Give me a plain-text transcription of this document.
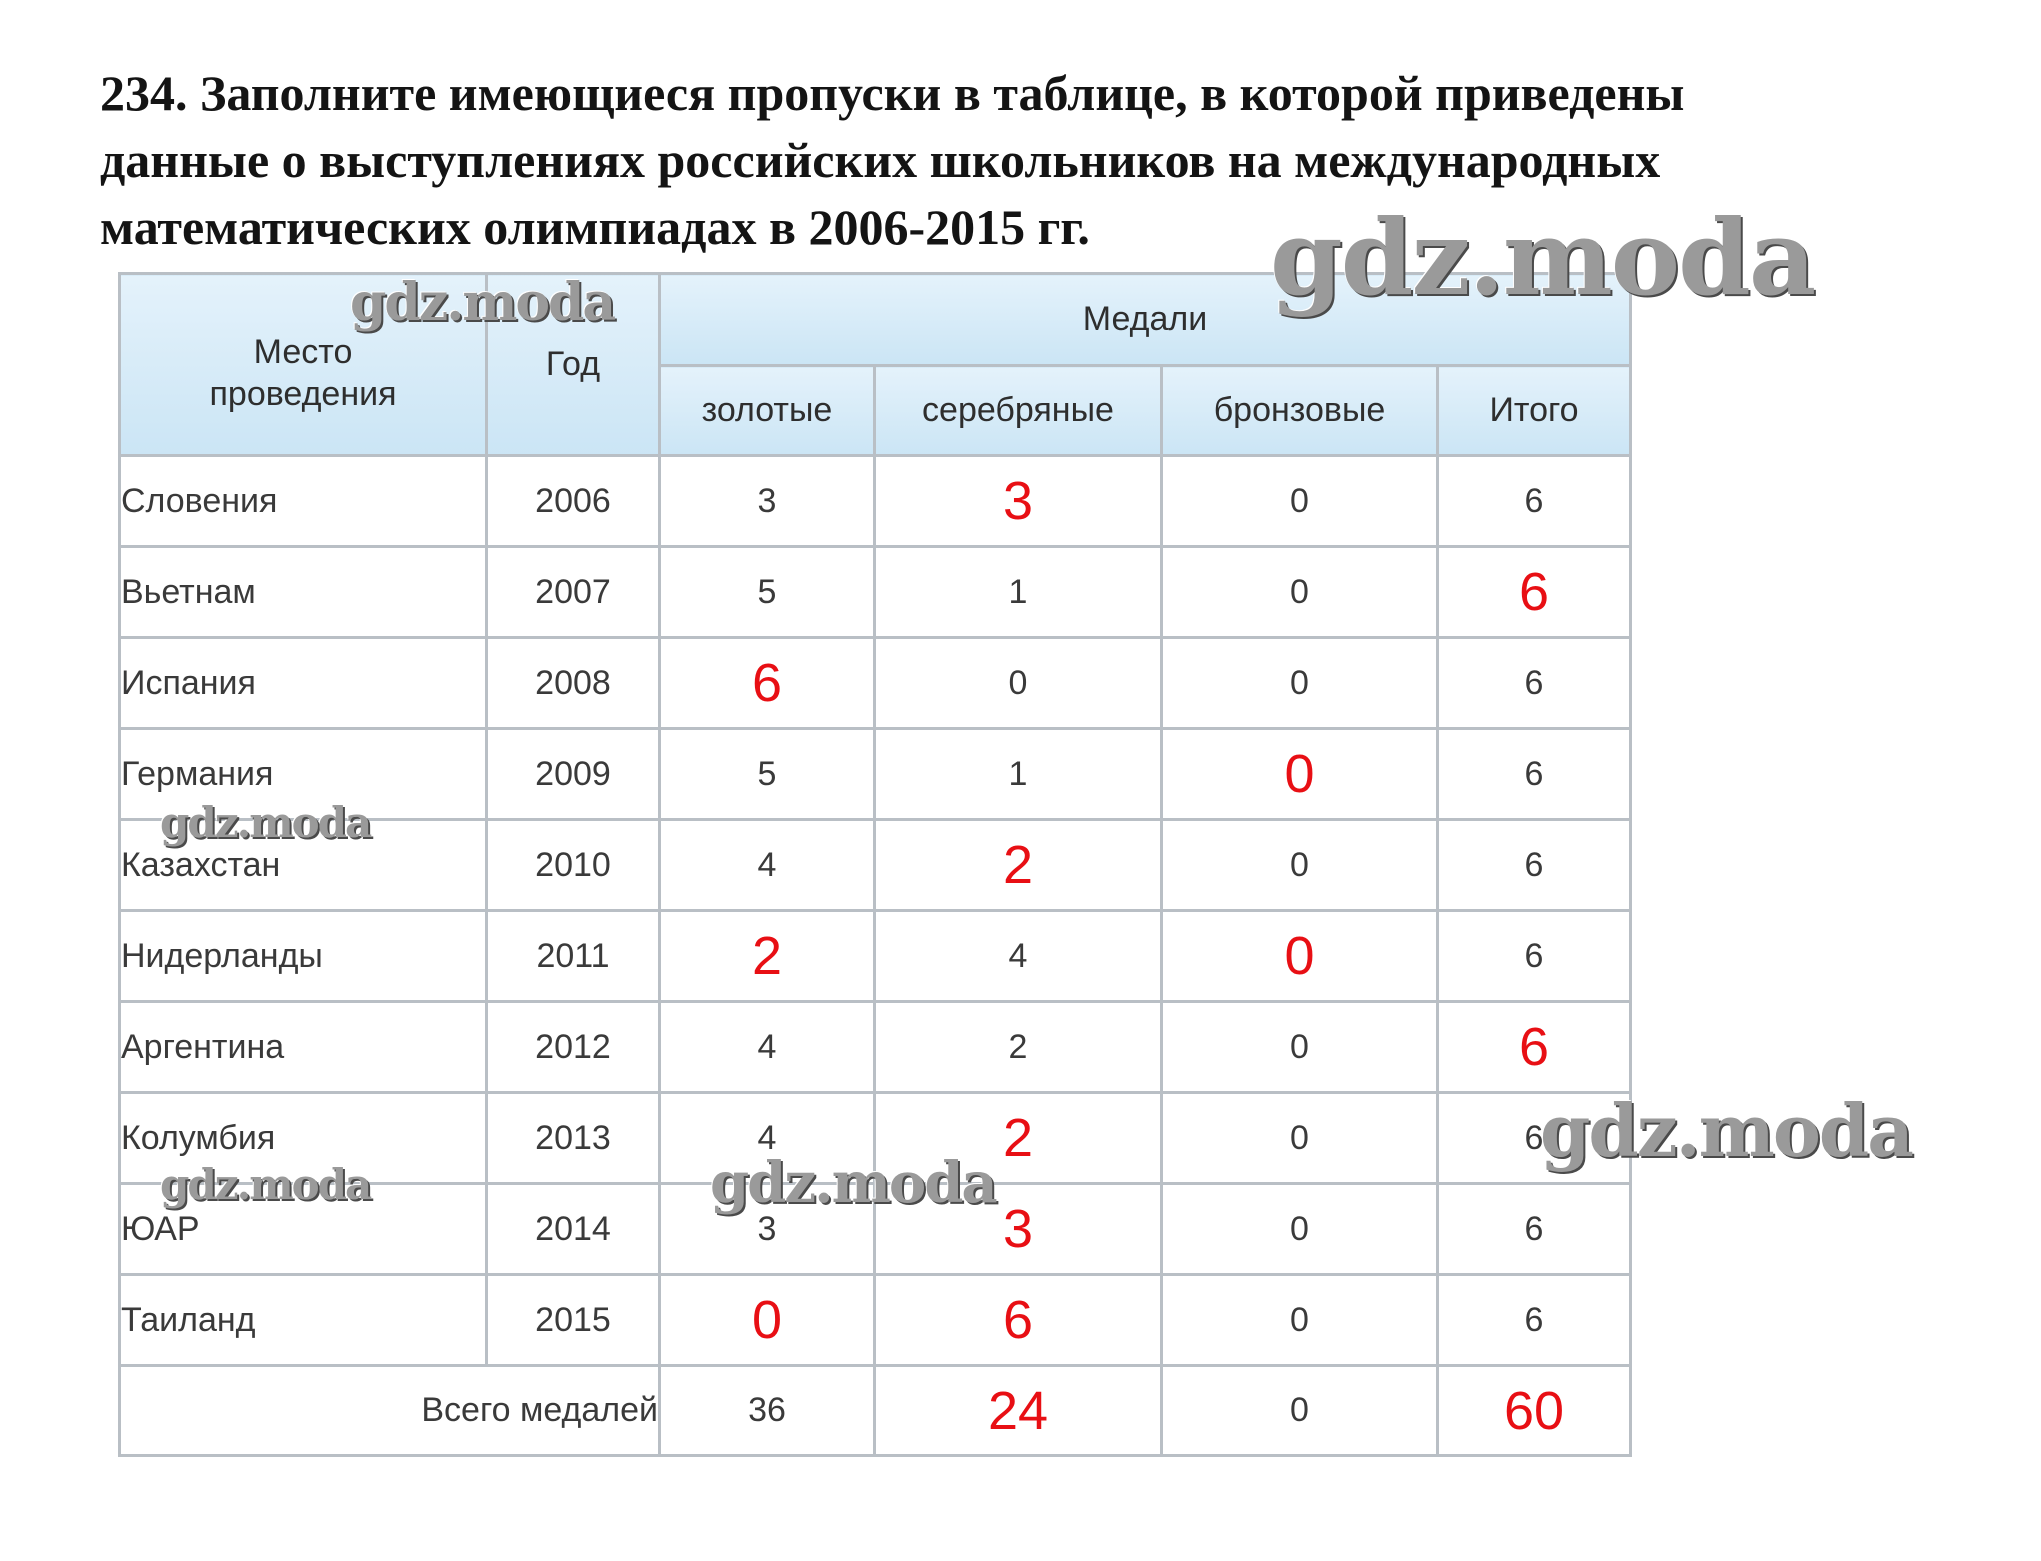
234. Заполните имеющиеся пропуски в таблице, в которой приведены
данные о выступлениях российских школьников на международных
математических олимпиадах в 2006-2015 гг.
Место проведения	Год	Медали			
		золотые	серебряные	бронзовые	Итого
Словения	2006	3	3	0	6
Вьетнам	2007	5	1	0	6
Испания	2008	6	0	0	6
Германия	2009	5	1	0	6
Казахстан	2010	4	2	0	6
Нидерланды	2011	2	4	0	6
Аргентина	2012	4	2	0	6
Колумбия	2013	4	2	0	6
ЮАР	2014	3	3	0	6
Таиланд	2015	0	6	0	6
Всего медалей		36	24	0	60
gdz.moda
gdz.moda
gdz.moda
gdz.moda
gdz.moda	gdz.moda
